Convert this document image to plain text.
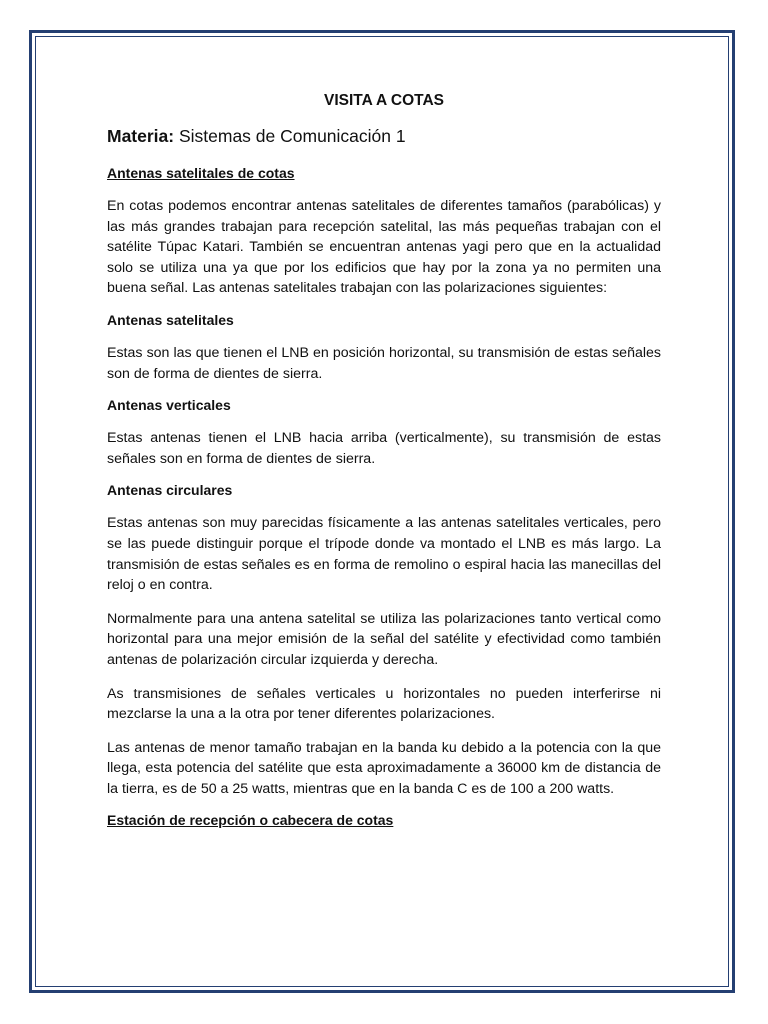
VISITA A COTAS
Materia: Sistemas de Comunicación 1
Antenas satelitales de cotas

En cotas podemos encontrar antenas satelitales de diferentes tamaños (parabólicas) y las más grandes trabajan para recepción satelital, las más pequeñas trabajan con el satélite Túpac Katari. También se encuentran antenas yagi pero que en la actualidad solo se utiliza una ya que por los edificios que hay por la zona ya no permiten una buena señal. Las antenas satelitales trabajan con las polarizaciones siguientes:

Antenas satelitales

Estas son las que tienen el LNB en posición horizontal, su transmisión de estas señales son de forma de dientes de sierra.

Antenas verticales

Estas antenas tienen el LNB hacia arriba (verticalmente), su transmisión de estas señales son en forma de dientes de sierra.

Antenas circulares

Estas antenas son muy parecidas físicamente a las antenas satelitales verticales, pero se las puede distinguir porque el trípode donde va montado el LNB es más largo. La transmisión de estas señales es en forma de remolino o espiral hacia las manecillas del reloj o en contra.

Normalmente para una antena satelital se utiliza las polarizaciones tanto vertical como horizontal para una mejor emisión de la señal del satélite y efectividad como también antenas de polarización circular izquierda y derecha.

As transmisiones de señales verticales u horizontales no pueden interferirse ni mezclarse la una a la otra por tener diferentes polarizaciones.

Las antenas de menor tamaño trabajan en la banda ku debido a la potencia con la que llega, esta potencia del satélite que esta aproximadamente a 36000 km de distancia de la tierra, es de 50 a 25 watts, mientras que en la banda C es de 100 a 200 watts.

Estación de recepción o cabecera de cotas
